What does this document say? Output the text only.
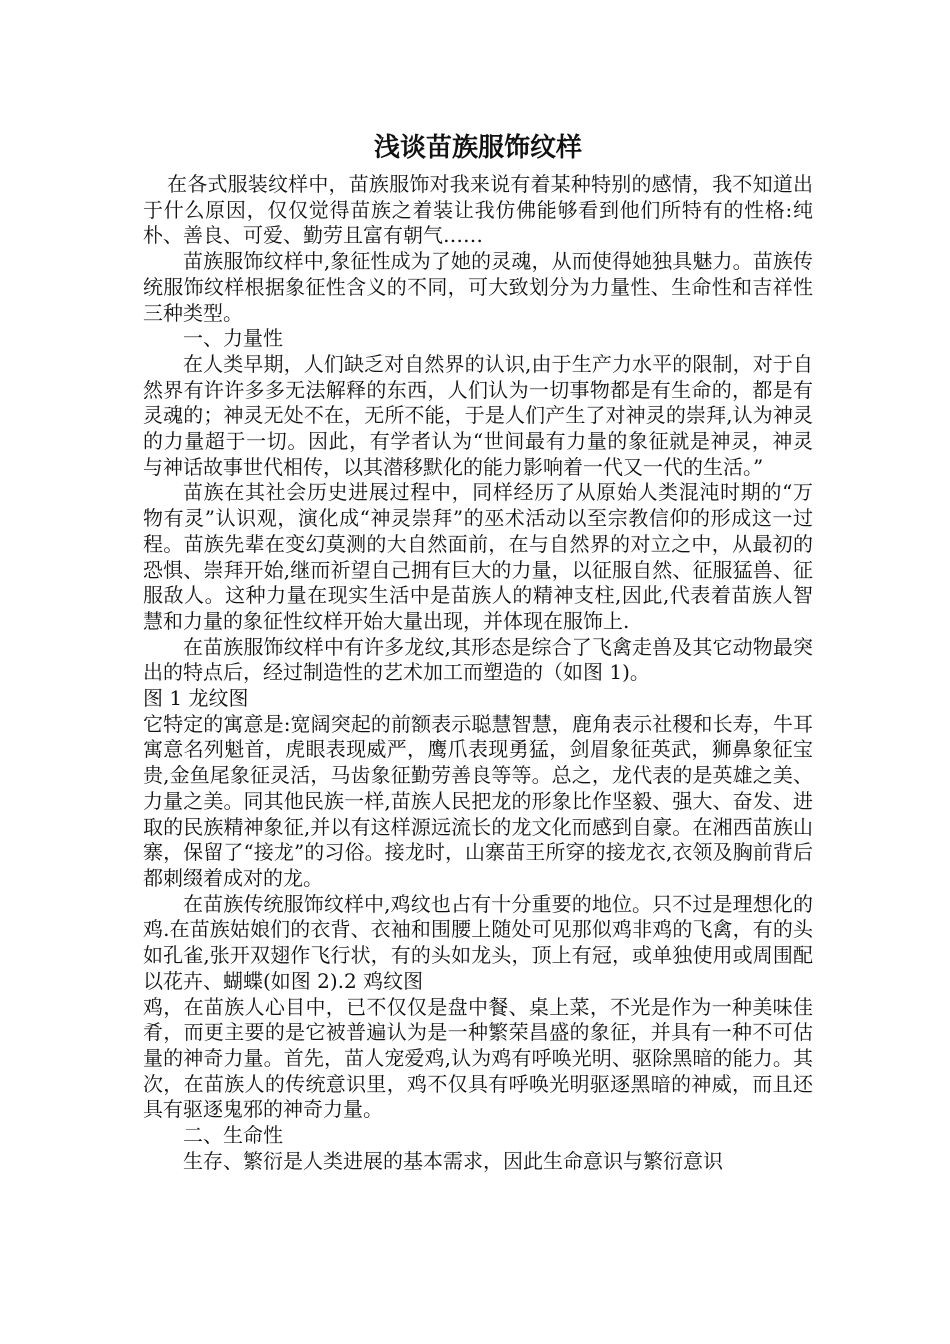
浅谈苗族服饰纹样

在各式服装纹样中，苗族服饰对我来说有着某种特别的感情，我不知道出于什么原因，仅仅觉得苗族之着装让我仿佛能够看到他们所特有的性格:纯朴、善良、可爱、勤劳且富有朝气……

苗族服饰纹样中,象征性成为了她的灵魂，从而使得她独具魅力。苗族传统服饰纹样根据象征性含义的不同，可大致划分为力量性、生命性和吉祥性三种类型。

一、力量性

在人类早期，人们缺乏对自然界的认识,由于生产力水平的限制，对于自然界有许许多多无法解释的东西，人们认为一切事物都是有生命的，都是有灵魂的；神灵无处不在，无所不能，于是人们产生了对神灵的崇拜,认为神灵的力量超于一切。因此，有学者认为“世间最有力量的象征就是神灵，神灵与神话故事世代相传，以其潜移默化的能力影响着一代又一代的生活。”

苗族在其社会历史进展过程中，同样经历了从原始人类混沌时期的“万物有灵”认识观，演化成“神灵崇拜”的巫术活动以至宗教信仰的形成这一过程。苗族先辈在变幻莫测的大自然面前，在与自然界的对立之中，从最初的恐惧、崇拜开始,继而祈望自己拥有巨大的力量，以征服自然、征服猛兽、征服敌人。这种力量在现实生活中是苗族人的精神支柱,因此,代表着苗族人智慧和力量的象征性纹样开始大量出现，并体现在服饰上.

在苗族服饰纹样中有许多龙纹,其形态是综合了飞禽走兽及其它动物最突出的特点后，经过制造性的艺术加工而塑造的（如图 1)。

图 1 龙纹图

它特定的寓意是:宽阔突起的前额表示聪慧智慧，鹿角表示社稷和长寿，牛耳寓意名列魁首，虎眼表现威严，鹰爪表现勇猛，剑眉象征英武，狮鼻象征宝贵,金鱼尾象征灵活，马齿象征勤劳善良等等。总之，龙代表的是英雄之美、力量之美。同其他民族一样,苗族人民把龙的形象比作坚毅、强大、奋发、进取的民族精神象征,并以有这样源远流长的龙文化而感到自豪。在湘西苗族山寨，保留了“接龙”的习俗。接龙时，山寨苗王所穿的接龙衣,衣领及胸前背后都刺缀着成对的龙。

在苗族传统服饰纹样中,鸡纹也占有十分重要的地位。只不过是理想化的鸡.在苗族姑娘们的衣背、衣袖和围腰上随处可见那似鸡非鸡的飞禽，有的头如孔雀,张开双翅作飞行状，有的头如龙头，顶上有冠，或单独使用或周围配以花卉、蝴蝶(如图 2).2 鸡纹图

鸡，在苗族人心目中，已不仅仅是盘中餐、桌上菜，不光是作为一种美味佳肴，而更主要的是它被普遍认为是一种繁荣昌盛的象征，并具有一种不可估量的神奇力量。首先，苗人宠爱鸡,认为鸡有呼唤光明、驱除黑暗的能力。其次，在苗族人的传统意识里，鸡不仅具有呼唤光明驱逐黑暗的神威，而且还具有驱逐鬼邪的神奇力量。

二、生命性

生存、繁衍是人类进展的基本需求，因此生命意识与繁衍意识
